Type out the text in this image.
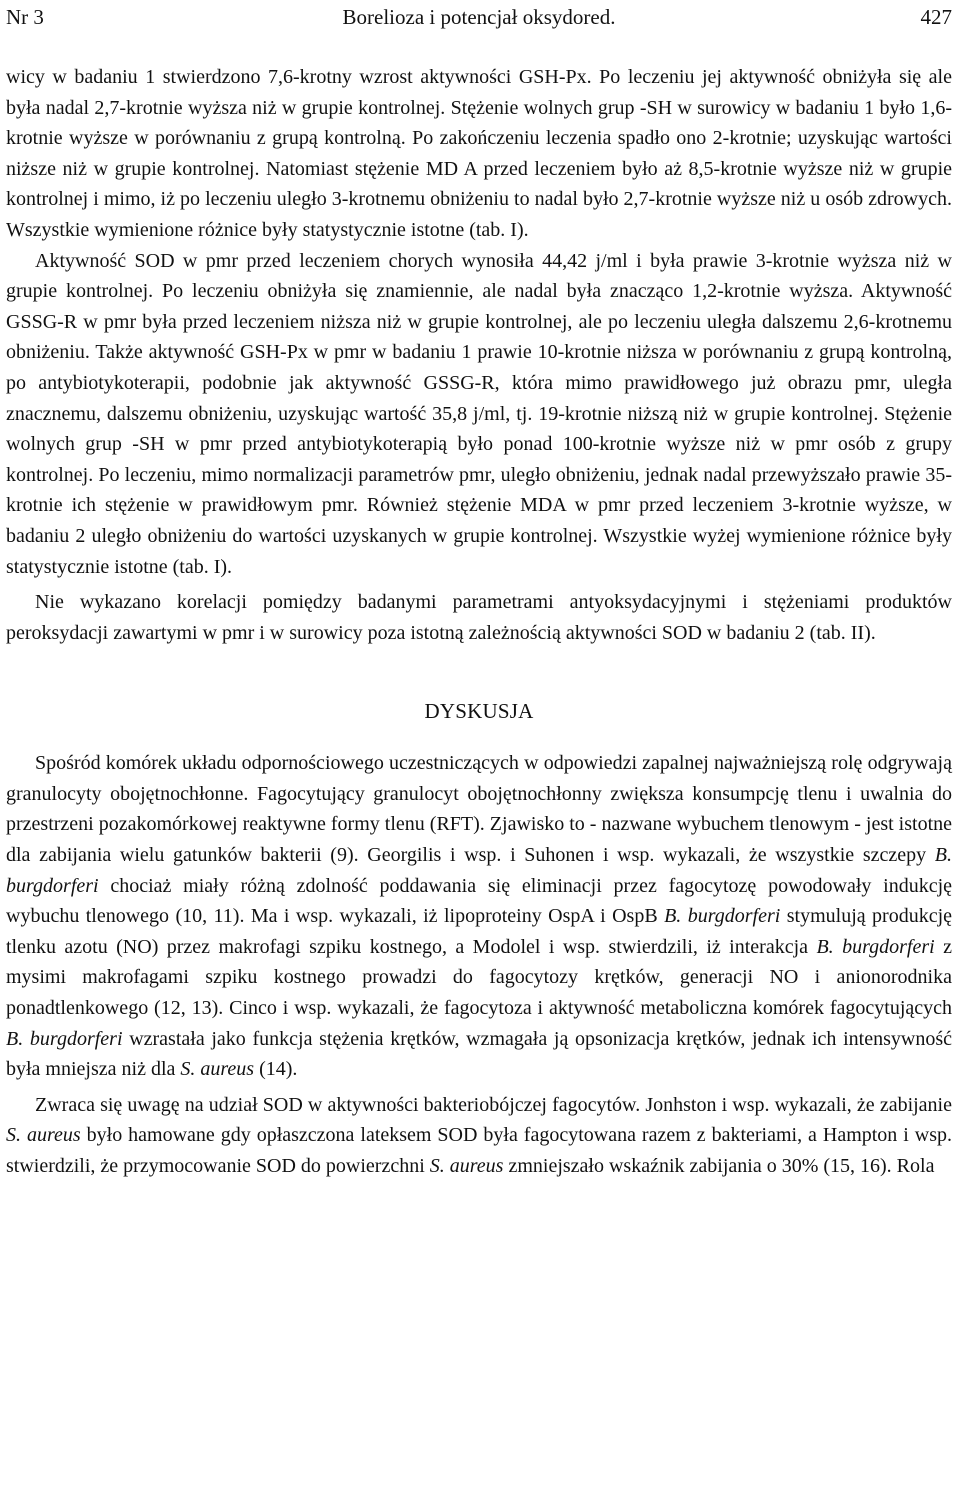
Nr 3	Borelioza i potencjał oksydored.	427

wicy w badaniu 1 stwierdzono 7,6-krotny wzrost aktywności GSH-Px. Po leczeniu jej aktywność obniżyła się ale była nadal 2,7-krotnie wyższa niż w grupie kontrolnej. Stężenie wolnych grup -SH w surowicy w badaniu 1 było 1,6-krotnie wyższe w porównaniu z grupą kontrolną. Po zakończeniu leczenia spadło ono 2-krotnie; uzyskując wartości niższe niż w grupie kontrolnej. Natomiast stężenie MD A przed leczeniem było aż 8,5-krotnie wyższe niż w grupie kontrolnej i mimo, iż po leczeniu uległo 3-krotnemu obniżeniu to nadal było 2,7-krotnie wyższe niż u osób zdrowych. Wszystkie wymienione różnice były statystycznie istotne (tab. I).

Aktywność SOD w pmr przed leczeniem chorych wynosiła 44,42 j/ml i była prawie 3-krotnie wyższa niż w grupie kontrolnej. Po leczeniu obniżyła się znamiennie, ale nadal była znacząco 1,2-krotnie wyższa. Aktywność GSSG-R w pmr była przed leczeniem niższa niż w grupie kontrolnej, ale po leczeniu uległa dalszemu 2,6-krotnemu obniżeniu. Także aktywność GSH-Px w pmr w badaniu 1 prawie 10-krotnie niższa w porównaniu z grupą kontrolną, po antybiotykoterapii, podobnie jak aktywność GSSG-R, która mimo prawidłowego już obrazu pmr, uległa znacznemu, dalszemu obniżeniu, uzyskując wartość 35,8 j/ml, tj. 19-krotnie niższą niż w grupie kontrolnej. Stężenie wolnych grup -SH w pmr przed antybiotykoterapią było ponad 100-krotnie wyższe niż w pmr osób z grupy kontrolnej. Po leczeniu, mimo normalizacji parametrów pmr, uległo obniżeniu, jednak nadal przewyższało prawie 35-krotnie ich stężenie w prawidłowym pmr. Również stężenie MDA w pmr przed leczeniem 3-krotnie wyższe, w badaniu 2 uległo obniżeniu do wartości uzyskanych w grupie kontrolnej. Wszystkie wyżej wymienione różnice były statystycznie istotne (tab. I).

Nie wykazano korelacji pomiędzy badanymi parametrami antyoksydacyjnymi i stężeniami produktów peroksydacji zawartymi w pmr i w surowicy poza istotną zależnością aktywności SOD w badaniu 2 (tab. II).

DYSKUSJA

Spośród komórek układu odpornościowego uczestniczących w odpowiedzi zapalnej najważniejszą rolę odgrywają granulocyty obojętnochłonne. Fagocytujący granulocyt obojętnochłonny zwiększa konsumpcję tlenu i uwalnia do przestrzeni pozakomórkowej reaktywne formy tlenu (RFT). Zjawisko to - nazwane wybuchem tlenowym - jest istotne dla zabijania wielu gatunków bakterii (9). Georgilis i wsp. i Suhonen i wsp. wykazali, że wszystkie szczepy B. burgdorferi chociaż miały różną zdolność poddawania się eliminacji przez fagocytozę powodowały indukcję wybuchu tlenowego (10, 11). Ma i wsp. wykazali, iż lipoproteiny OspA i OspB B. burgdorferi stymulują produkcję tlenku azotu (NO) przez makrofagi szpiku kostnego, a Modolel i wsp. stwierdzili, iż interakcja B. burgdorferi z mysimi makrofagami szpiku kostnego prowadzi do fagocytozy krętków, generacji NO i anionorodnika ponadtlenkowego (12, 13). Cinco i wsp. wykazali, że fagocytoza i aktywność metaboliczna komórek fagocytujących B. burgdorferi wzrastała jako funkcja stężenia krętków, wzmagała ją opsonizacja krętków, jednak ich intensywność była mniejsza niż dla S. aureus (14).

Zwraca się uwagę na udział SOD w aktywności bakteriobójczej fagocytów. Jonhston i wsp. wykazali, że zabijanie S. aureus było hamowane gdy opłaszczona lateksem SOD była fagocytowana razem z bakteriami, a Hampton i wsp. stwierdzili, że przymocowanie SOD do powierzchni S. aureus zmniejszało wskaźnik zabijania o 30% (15, 16). Rola
